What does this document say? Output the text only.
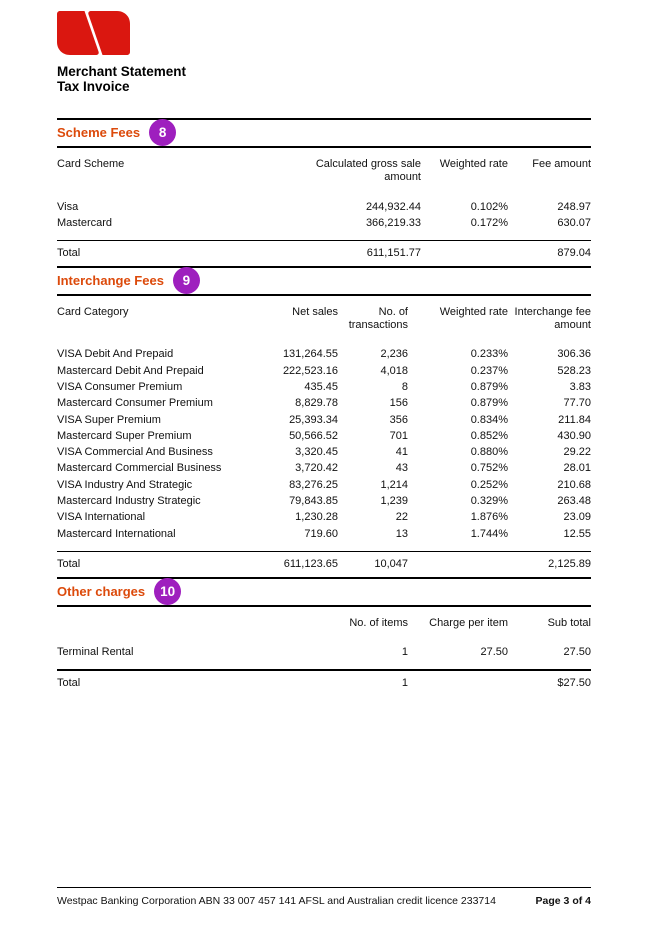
Merchant Statement
Tax Invoice
Scheme Fees	8
Card Scheme	Calculated gross sale amount	Weighted rate	Fee amount
Visa	244,932.44	0.102%	248.97
Mastercard	366,219.33	0.172%	630.07
Total	611,151.77		879.04
Interchange Fees	9
Card Category	Net sales	No. of transactions	Weighted rate	Interchange fee amount
VISA Debit And Prepaid	131,264.55	2,236	0.233%	306.36
Mastercard Debit And Prepaid	222,523.16	4,018	0.237%	528.23
VISA Consumer Premium	435.45	8	0.879%	3.83
Mastercard Consumer Premium	8,829.78	156	0.879%	77.70
VISA Super Premium	25,393.34	356	0.834%	211.84
Mastercard Super Premium	50,566.52	701	0.852%	430.90
VISA Commercial And Business	3,320.45	41	0.880%	29.22
Mastercard Commercial Business	3,720.42	43	0.752%	28.01
VISA Industry And Strategic	83,276.25	1,214	0.252%	210.68
Mastercard Industry Strategic	79,843.85	1,239	0.329%	263.48
VISA International	1,230.28	22	1.876%	23.09
Mastercard International	719.60	13	1.744%	12.55
Total	611,123.65	10,047		2,125.89
Other charges	10
	No. of items	Charge per item	Sub total
Terminal Rental	1	27.50	27.50
Total	1		$27.50
Westpac Banking Corporation ABN 33 007 457 141 AFSL and Australian credit licence 233714	Page 3 of 4
